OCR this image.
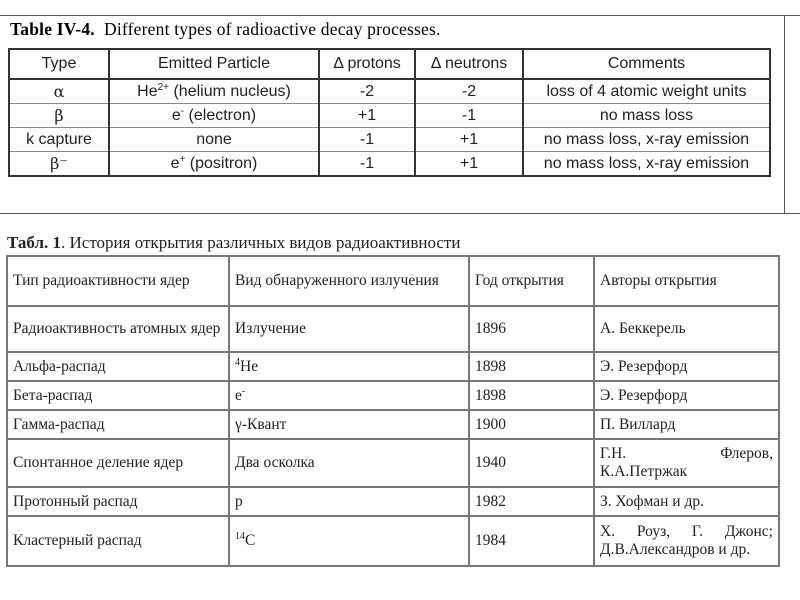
Table IV-4. Different types of radioactive decay processes.
Type	Emitted Particle	Δ protons	Δ neutrons	Comments
α	$He^{2+}$ (helium nucleus)	-2	-2	loss of 4 atomic weight units
β	e- (electron)	+1	-1	no mass loss
k capture	none	-1	+1	no mass loss, x-ray emission
β⁻	e+ (positron)	-1	+1	no mass loss, x-ray emission
Табл. 1. История открытия различных видов радиоактивности
Тип радиоактивности ядер	Вид обнаруженного излучения	Год открытия	Авторы открытия
Радиоактивность атомных ядер	Излучение	1896	А. Беккерель
Альфа-распад	$^4$He	1898	Э. Резерфорд
Бета-распад	e-	1898	Э. Резерфорд
Гамма-распад	γ-Квант	1900	П. Виллард
Спонтанное деление ядер	Два осколка	1940	Г.Н. Флеров, К.А.Петржак
Протонный распад	p	1982	З. Хофман и др.
Кластерный распад	$^{14}$C	1984	Х. Роуз, Г. Джонс; Д.В.Александров и др.
